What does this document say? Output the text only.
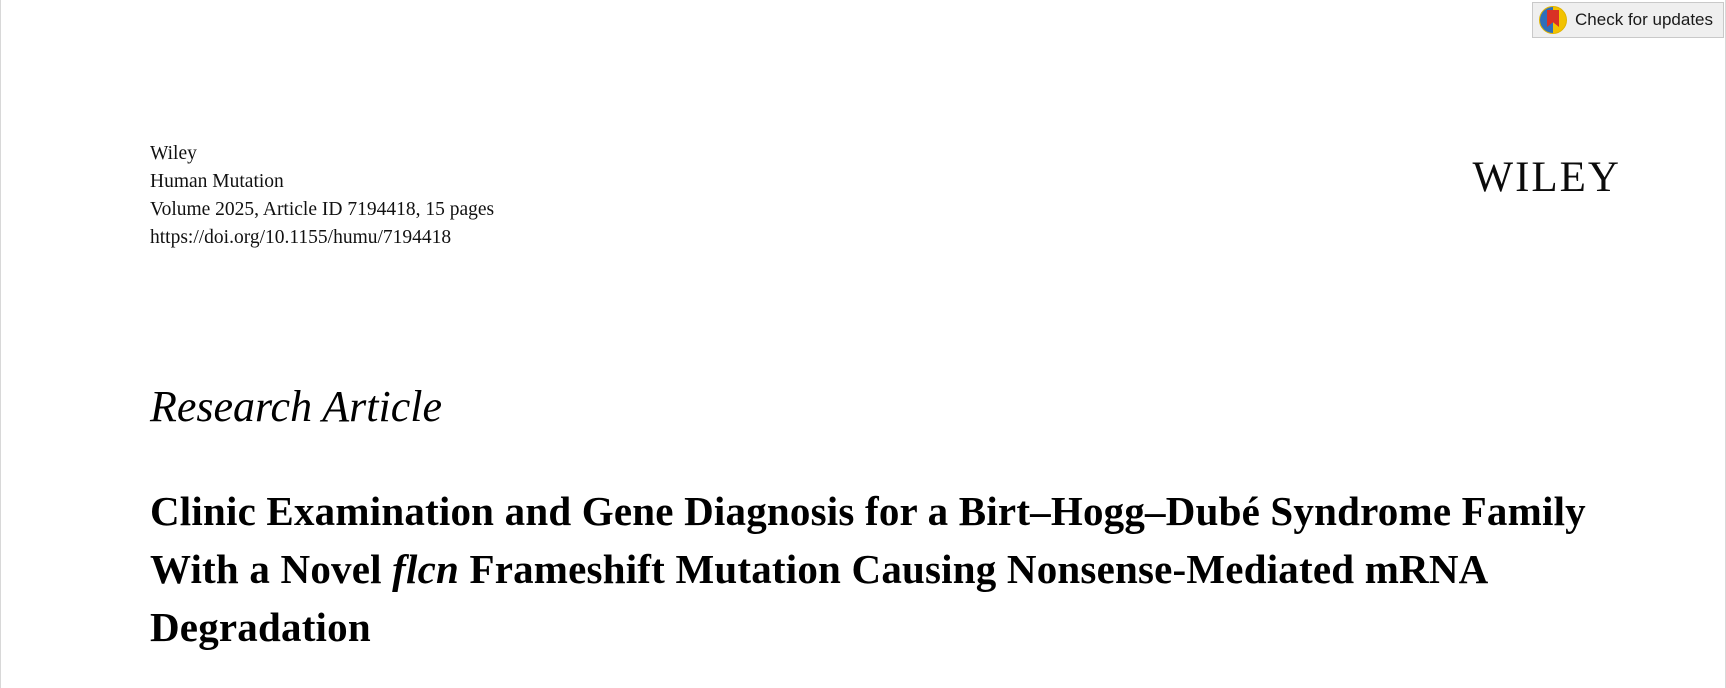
Check for updates
Wiley
Human Mutation
Volume 2025, Article ID 7194418, 15 pages
https://doi.org/10.1155/humu/7194418
wiley
Research Article
Clinic Examination and Gene Diagnosis for a Birt–Hogg–Dubé Syndrome Family With a Novel flcn Frameshift Mutation Causing Nonsense-Mediated mRNA Degradation
